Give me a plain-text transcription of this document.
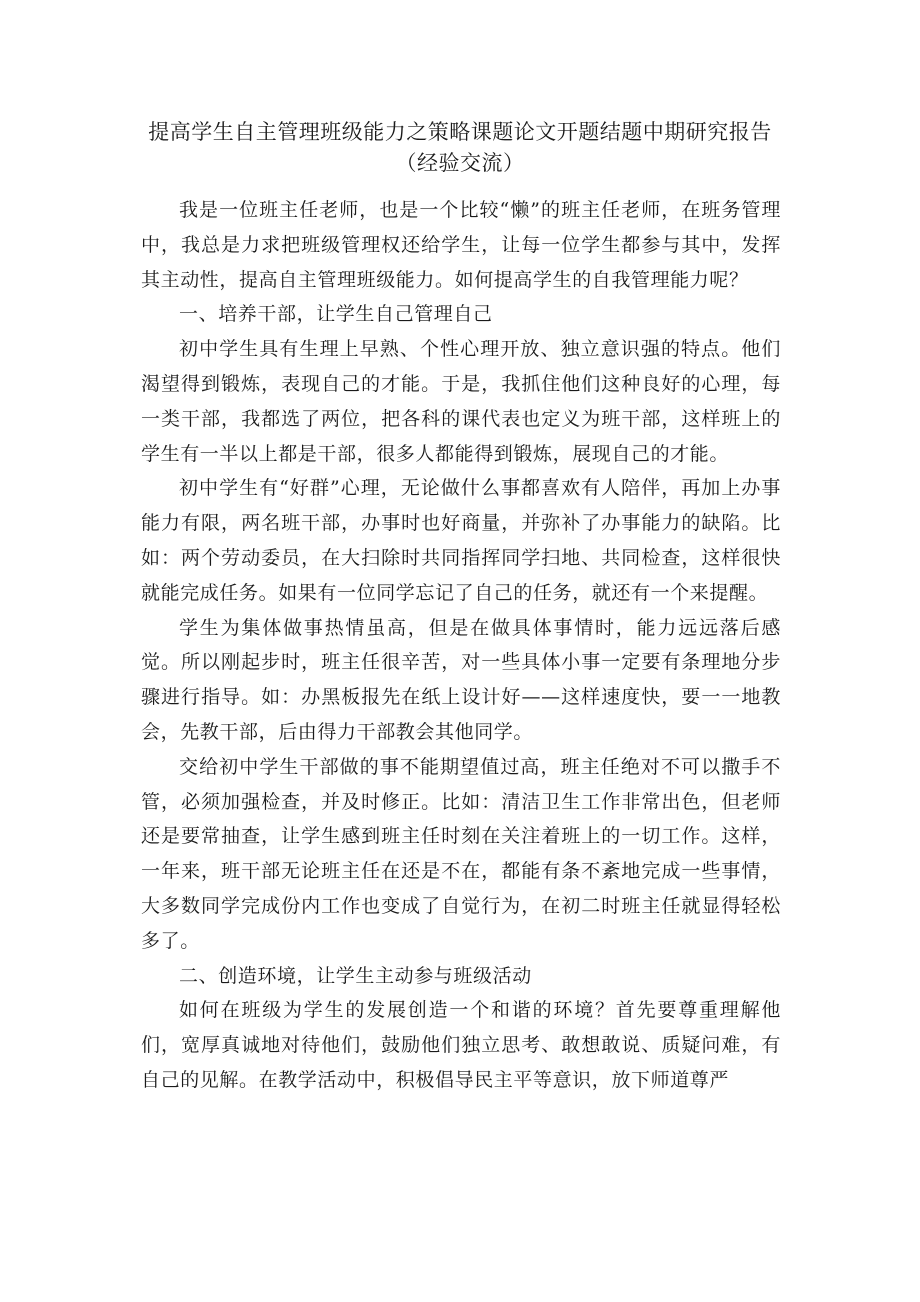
提高学生自主管理班级能力之策略课题论文开题结题中期研究报告
（经验交流）

我是一位班主任老师，也是一个比较“懒”的班主任老师，在班务管理中，我总是力求把班级管理权还给学生，让每一位学生都参与其中，发挥其主动性，提高自主管理班级能力。如何提高学生的自我管理能力呢？

一、培养干部，让学生自己管理自己

初中学生具有生理上早熟、个性心理开放、独立意识强的特点。他们渴望得到锻炼，表现自己的才能。于是，我抓住他们这种良好的心理，每一类干部，我都选了两位，把各科的课代表也定义为班干部，这样班上的学生有一半以上都是干部，很多人都能得到锻炼，展现自己的才能。

初中学生有“好群”心理，无论做什么事都喜欢有人陪伴，再加上办事能力有限，两名班干部，办事时也好商量，并弥补了办事能力的缺陷。比如：两个劳动委员，在大扫除时共同指挥同学扫地、共同检查，这样很快就能完成任务。如果有一位同学忘记了自己的任务，就还有一个来提醒。

学生为集体做事热情虽高，但是在做具体事情时，能力远远落后感觉。所以刚起步时，班主任很辛苦，对一些具体小事一定要有条理地分步骤进行指导。如：办黑板报先在纸上设计好——这样速度快，要一一地教会，先教干部，后由得力干部教会其他同学。

交给初中学生干部做的事不能期望值过高，班主任绝对不可以撒手不管，必须加强检查，并及时修正。比如：清洁卫生工作非常出色，但老师还是要常抽查，让学生感到班主任时刻在关注着班上的一切工作。这样，一年来，班干部无论班主任在还是不在，都能有条不紊地完成一些事情，大多数同学完成份内工作也变成了自觉行为，在初二时班主任就显得轻松多了。

二、创造环境，让学生主动参与班级活动

如何在班级为学生的发展创造一个和谐的环境？首先要尊重理解他们，宽厚真诚地对待他们，鼓励他们独立思考、敢想敢说、质疑问难，有自己的见解。在教学活动中，积极倡导民主平等意识，放下师道尊严
